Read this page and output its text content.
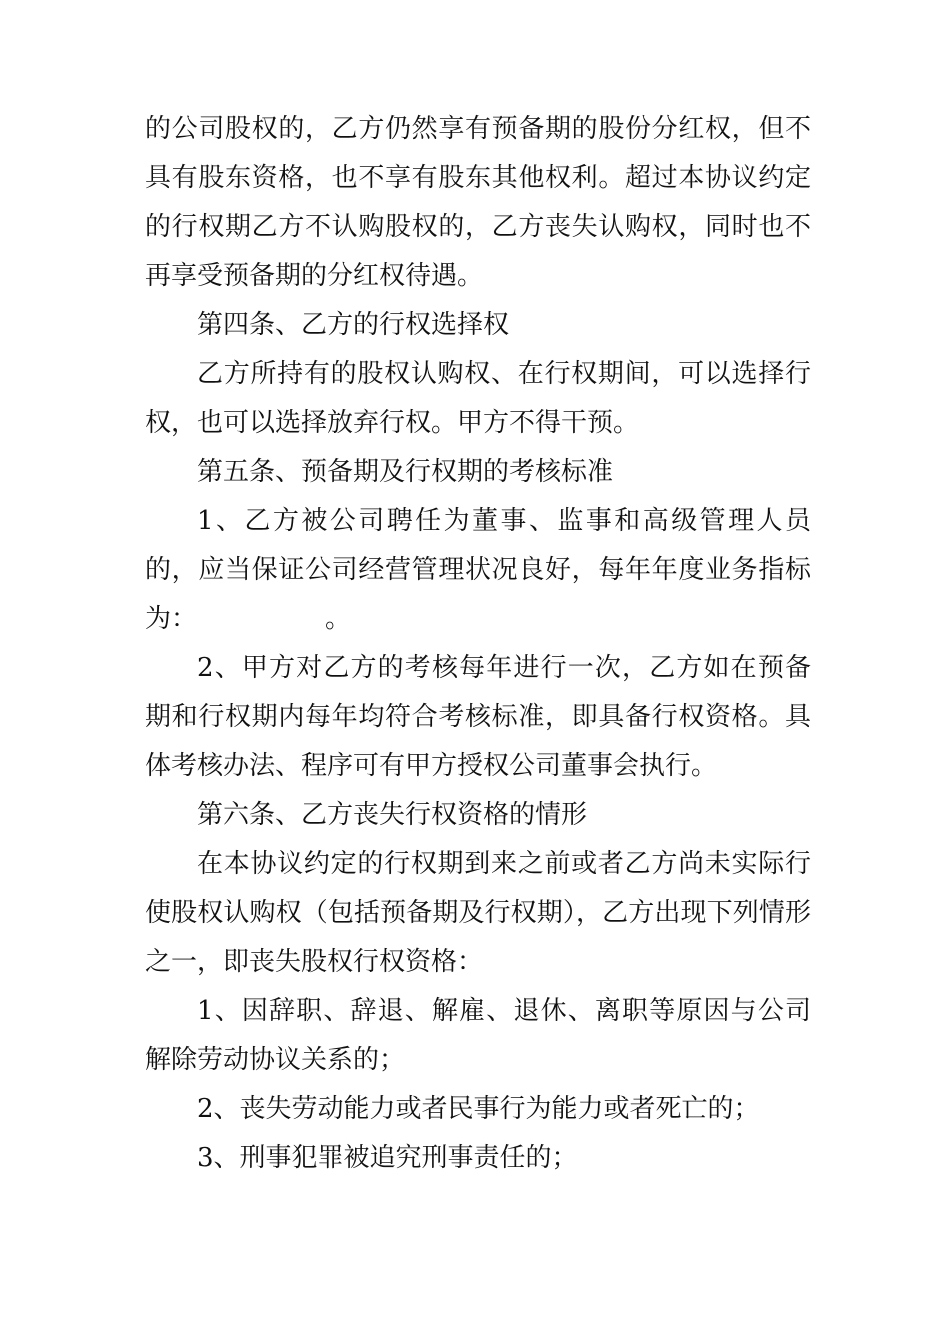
的公司股权的，乙方仍然享有预备期的股份分红权，但不具有股东资格，也不享有股东其他权利。超过本协议约定的行权期乙方不认购股权的，乙方丧失认购权，同时也不再享受预备期的分红权待遇。

第四条、乙方的行权选择权

乙方所持有的股权认购权、在行权期间，可以选择行权，也可以选择放弃行权。甲方不得干预。

第五条、预备期及行权期的考核标准

1、乙方被公司聘任为董事、监事和高级管理人员的，应当保证公司经营管理状况良好，每年年度业务指标为：	。

2、甲方对乙方的考核每年进行一次，乙方如在预备期和行权期内每年均符合考核标准，即具备行权资格。具体考核办法、程序可有甲方授权公司董事会执行。

第六条、乙方丧失行权资格的情形

在本协议约定的行权期到来之前或者乙方尚未实际行使股权认购权（包括预备期及行权期），乙方出现下列情形之一，即丧失股权行权资格：

1、因辞职、辞退、解雇、退休、离职等原因与公司解除劳动协议关系的；

2、丧失劳动能力或者民事行为能力或者死亡的；

3、刑事犯罪被追究刑事责任的；
